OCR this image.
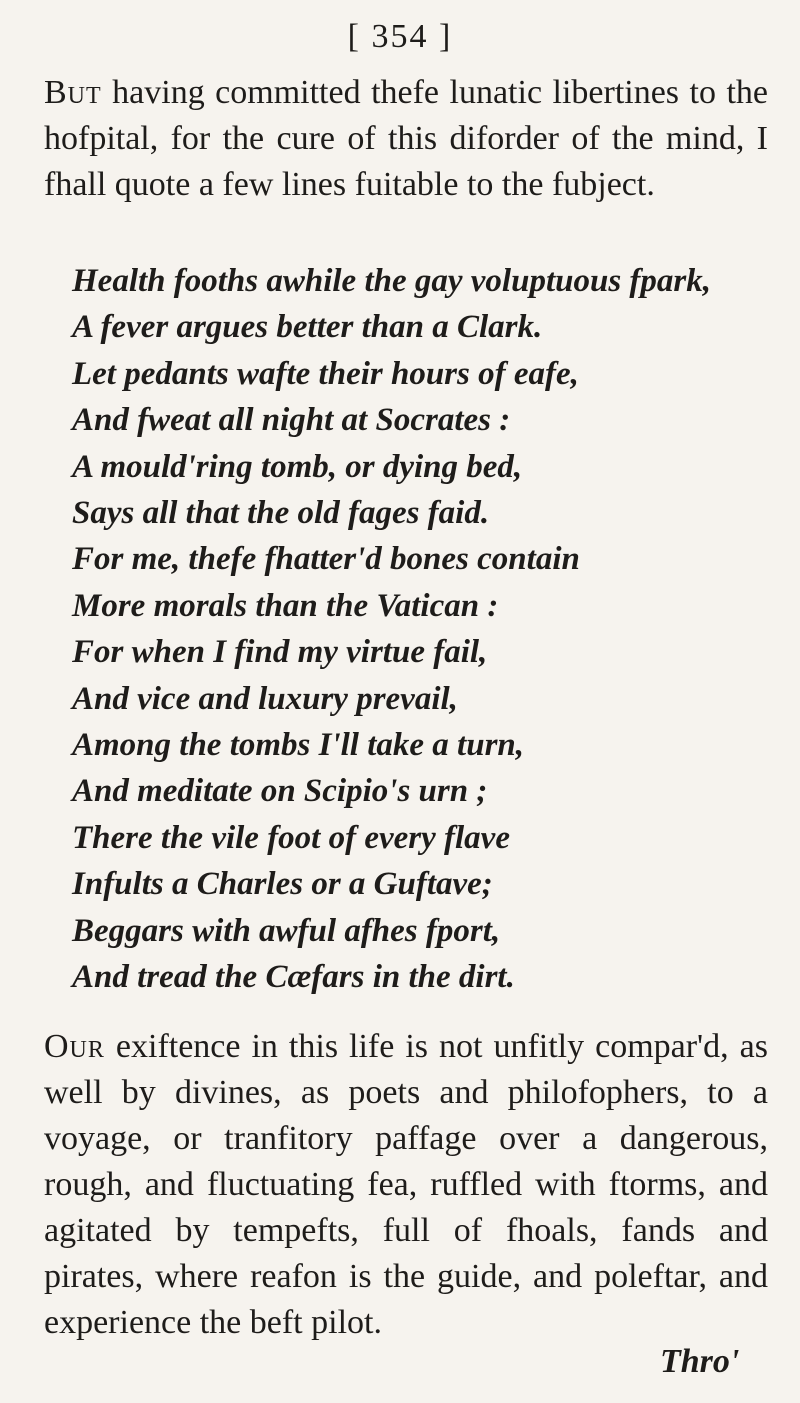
[ 354 ]
But having committed thefe lunatic libertines to the hofpital, for the cure of this diforder of the mind, I fhall quote a few lines fuitable to the fubject.
Health fooths awhile the gay voluptuous fpark,
A fever argues better than a Clark.
Let pedants wafte their hours of eafe,
And fweat all night at Socrates :
A mould'ring tomb, or dying bed,
Says all that the old fages faid.
For me, thefe fhatter'd bones contain
More morals than the Vatican :
For when I find my virtue fail,
And vice and luxury prevail,
Among the tombs I'll take a turn,
And meditate on Scipio's urn ;
There the vile foot of every flave
Infults a Charles or a Guftave;
Beggars with awful afhes fport,
And tread the Cæfars in the dirt.
Our exiftence in this life is not unfitly compar'd, as well by divines, as poets and philofophers, to a voyage, or tranfitory paffage over a dangerous, rough, and fluctuating fea, ruffled with ftorms, and agitated by tempefts, full of fhoals, fands and pirates, where reafon is the guide, and poleftar, and experience the beft pilot.
Thro'
